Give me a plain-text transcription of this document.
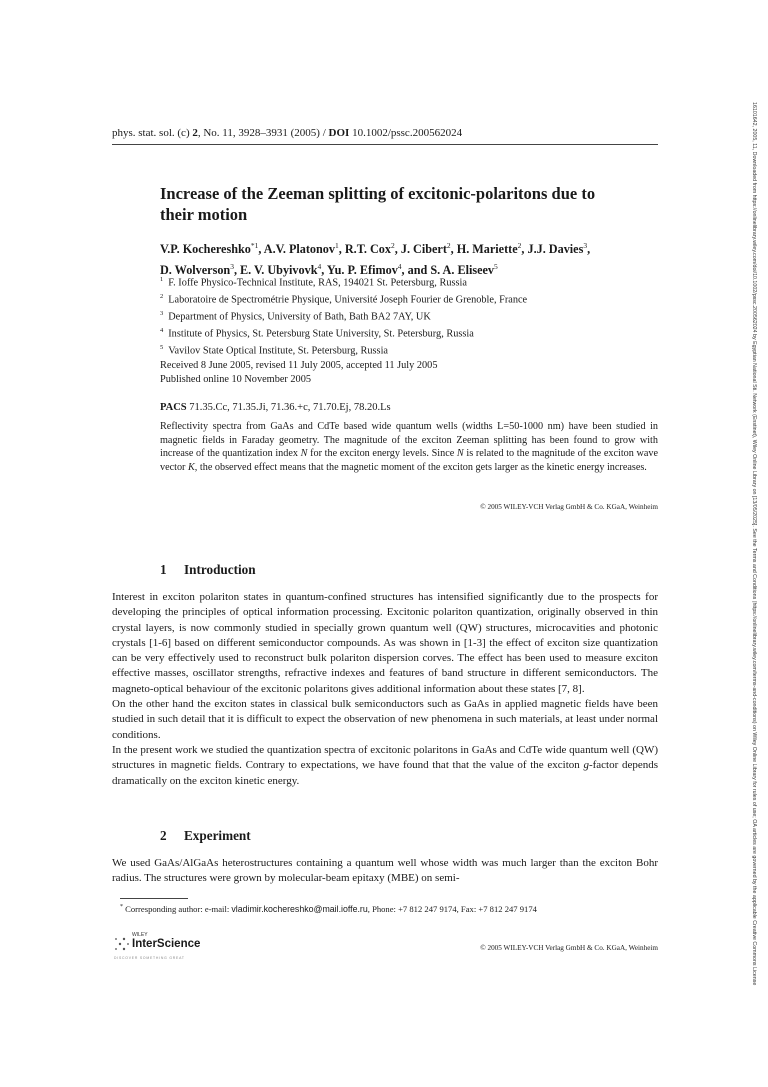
phys. stat. sol. (c) 2, No. 11, 3928–3931 (2005) / DOI 10.1002/pssc.200562024
Increase of the Zeeman splitting of excitonic-polaritons due to their motion
V.P. Kochereshko$^{*1}$, A.V. Platonov$^1$, R.T. Cox$^2$, J. Cibert$^2$, H. Mariette$^2$, J.J. Davies$^3$,
D. Wolverson$^3$, E. V. Ubyivovk$^4$, Yu. P. Efimov$^4$, and S. A. Eliseev$^5$
$^1$ F. Ioffe Physico-Technical Institute, RAS, 194021 St. Petersburg, Russia
$^2$ Laboratoire de Spectrométrie Physique, Université Joseph Fourier de Grenoble, France
$^3$ Department of Physics, University of Bath, Bath BA2 7AY, UK
$^4$ Institute of Physics, St. Petersburg State University, St. Petersburg, Russia
$^5$ Vavilov State Optical Institute, St. Petersburg, Russia
Received 8 June 2005, revised 11 July 2005, accepted 11 July 2005
Published online 10 November 2005
PACS 71.35.Cc, 71.35.Ji, 71.36.+c, 71.70.Ej, 78.20.Ls
Reflectivity spectra from GaAs and CdTe based wide quantum wells (widths L=50-1000 nm) have been studied in magnetic fields in Faraday geometry. The magnitude of the exciton Zeeman splitting has been found to grow with increase of the quantization index N for the exciton energy levels. Since N is related to the magnitude of the exciton wave vector K, the observed effect means that the magnetic moment of the exciton gets larger as the kinetic energy increases.
© 2005 WILEY-VCH Verlag GmbH & Co. KGaA, Weinheim
1 Introduction

Interest in exciton polariton states in quantum-confined structures has intensified significantly due to the prospects for developing the principles of optical information processing. Excitonic polariton quantization, originally observed in thin crystal layers, is now commonly studied in specially grown quantum well (QW) structures, microcavities and photonic crystals [1-6] based on different semiconductor compounds. As was shown in [1-3] the effect of exciton size quantization can be very effectively used to reconstruct bulk polariton dispersion corves. The effect has been used to measure exciton effective masses, oscillator strengths, refractive indexes and features of band structure in different semiconductors. The magneto-optical behaviour of the excitonic polaritons gives additional information about these states [7, 8].

On the other hand the exciton states in classical bulk semiconductors such as GaAs in applied magnetic fields have been studied in such detail that it is difficult to expect the observation of new phenomena in such materials, at least under normal conditions.

In the present work we studied the quantization spectra of excitonic polaritons in GaAs and CdTe wide quantum well (QW) structures in magnetic fields. Contrary to expectations, we have found that that the value of the exciton g-factor depends dramatically on the exciton kinetic energy.

2 Experiment

We used GaAs/AlGaAs heterostructures containing a quantum well whose width was much larger than the exciton Bohr radius. The structures were grown by molecular-beam epitaxy (MBE) on semi-

* Corresponding author: e-mail: vladimir.kochereshko@mail.ioffe.ru, Phone: +7 812 247 9174, Fax: +7 812 247 9174
WILEY
InterScience
DISCOVER SOMETHING GREAT
© 2005 WILEY-VCH Verlag GmbH & Co. KGaA, Weinheim	16101642, 2005, 11, Downloaded from https://onlinelibrary.wiley.com/doi/10.1002/pssc.200562024 by Egyptian National Sti. Network (Enstinet), Wiley Online Library on [13/05/2025]. See the Terms and Conditions (https://onlinelibrary.wiley.com/terms-and-conditions) on Wiley Online Library for rules of use; OA articles are governed by the applicable Creative Commons License
